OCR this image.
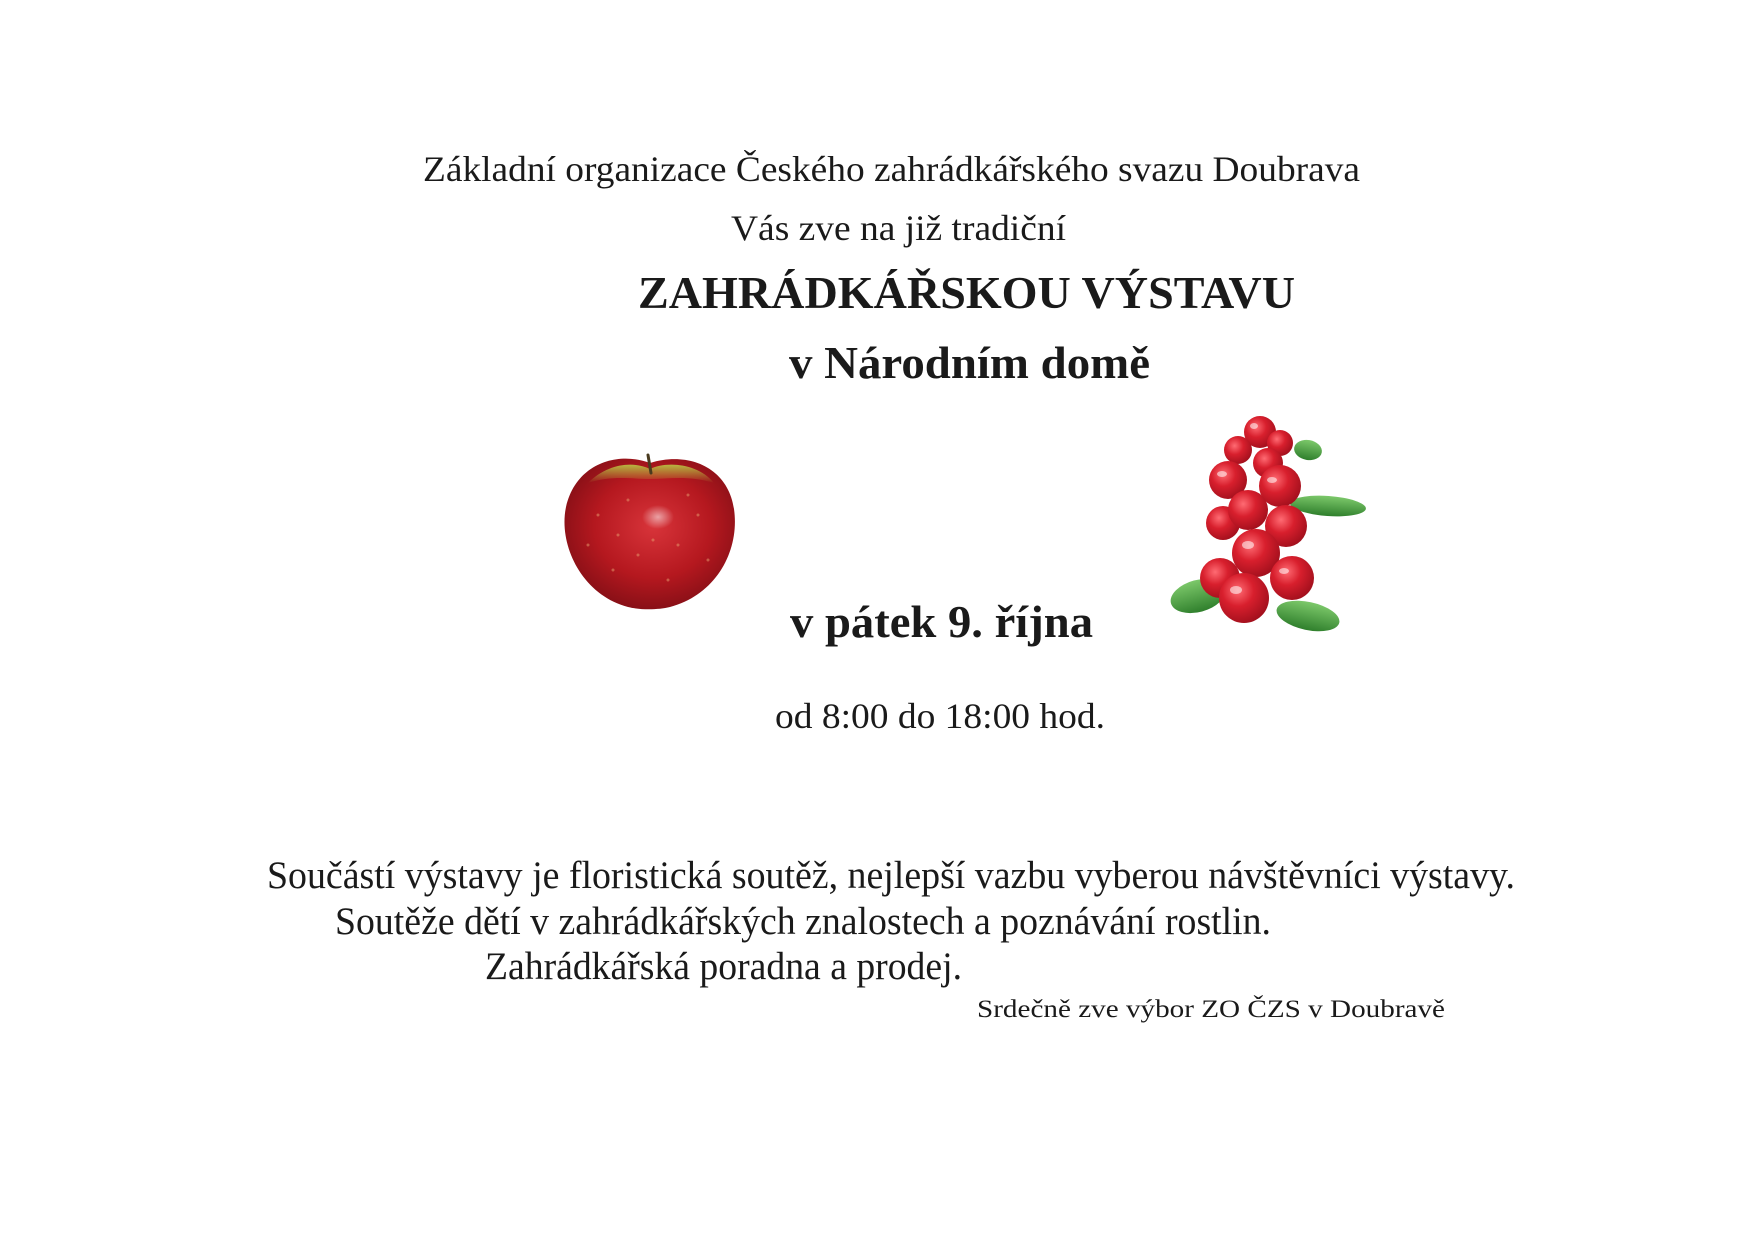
Základní organizace Českého zahrádkářského svazu Doubrava
Vás zve na již tradiční
ZAHRÁDKÁŘSKOU VÝSTAVU
v Národním domě
v pátek 9. října
od 8:00 do 18:00 hod.
Součástí výstavy je floristická soutěž, nejlepší vazbu vyberou návštěvníci výstavy.
Soutěže dětí v zahrádkářských znalostech a poznávání rostlin.
Zahrádkářská poradna a prodej.
Srdečně zve výbor ZO ČZS v Doubravě
